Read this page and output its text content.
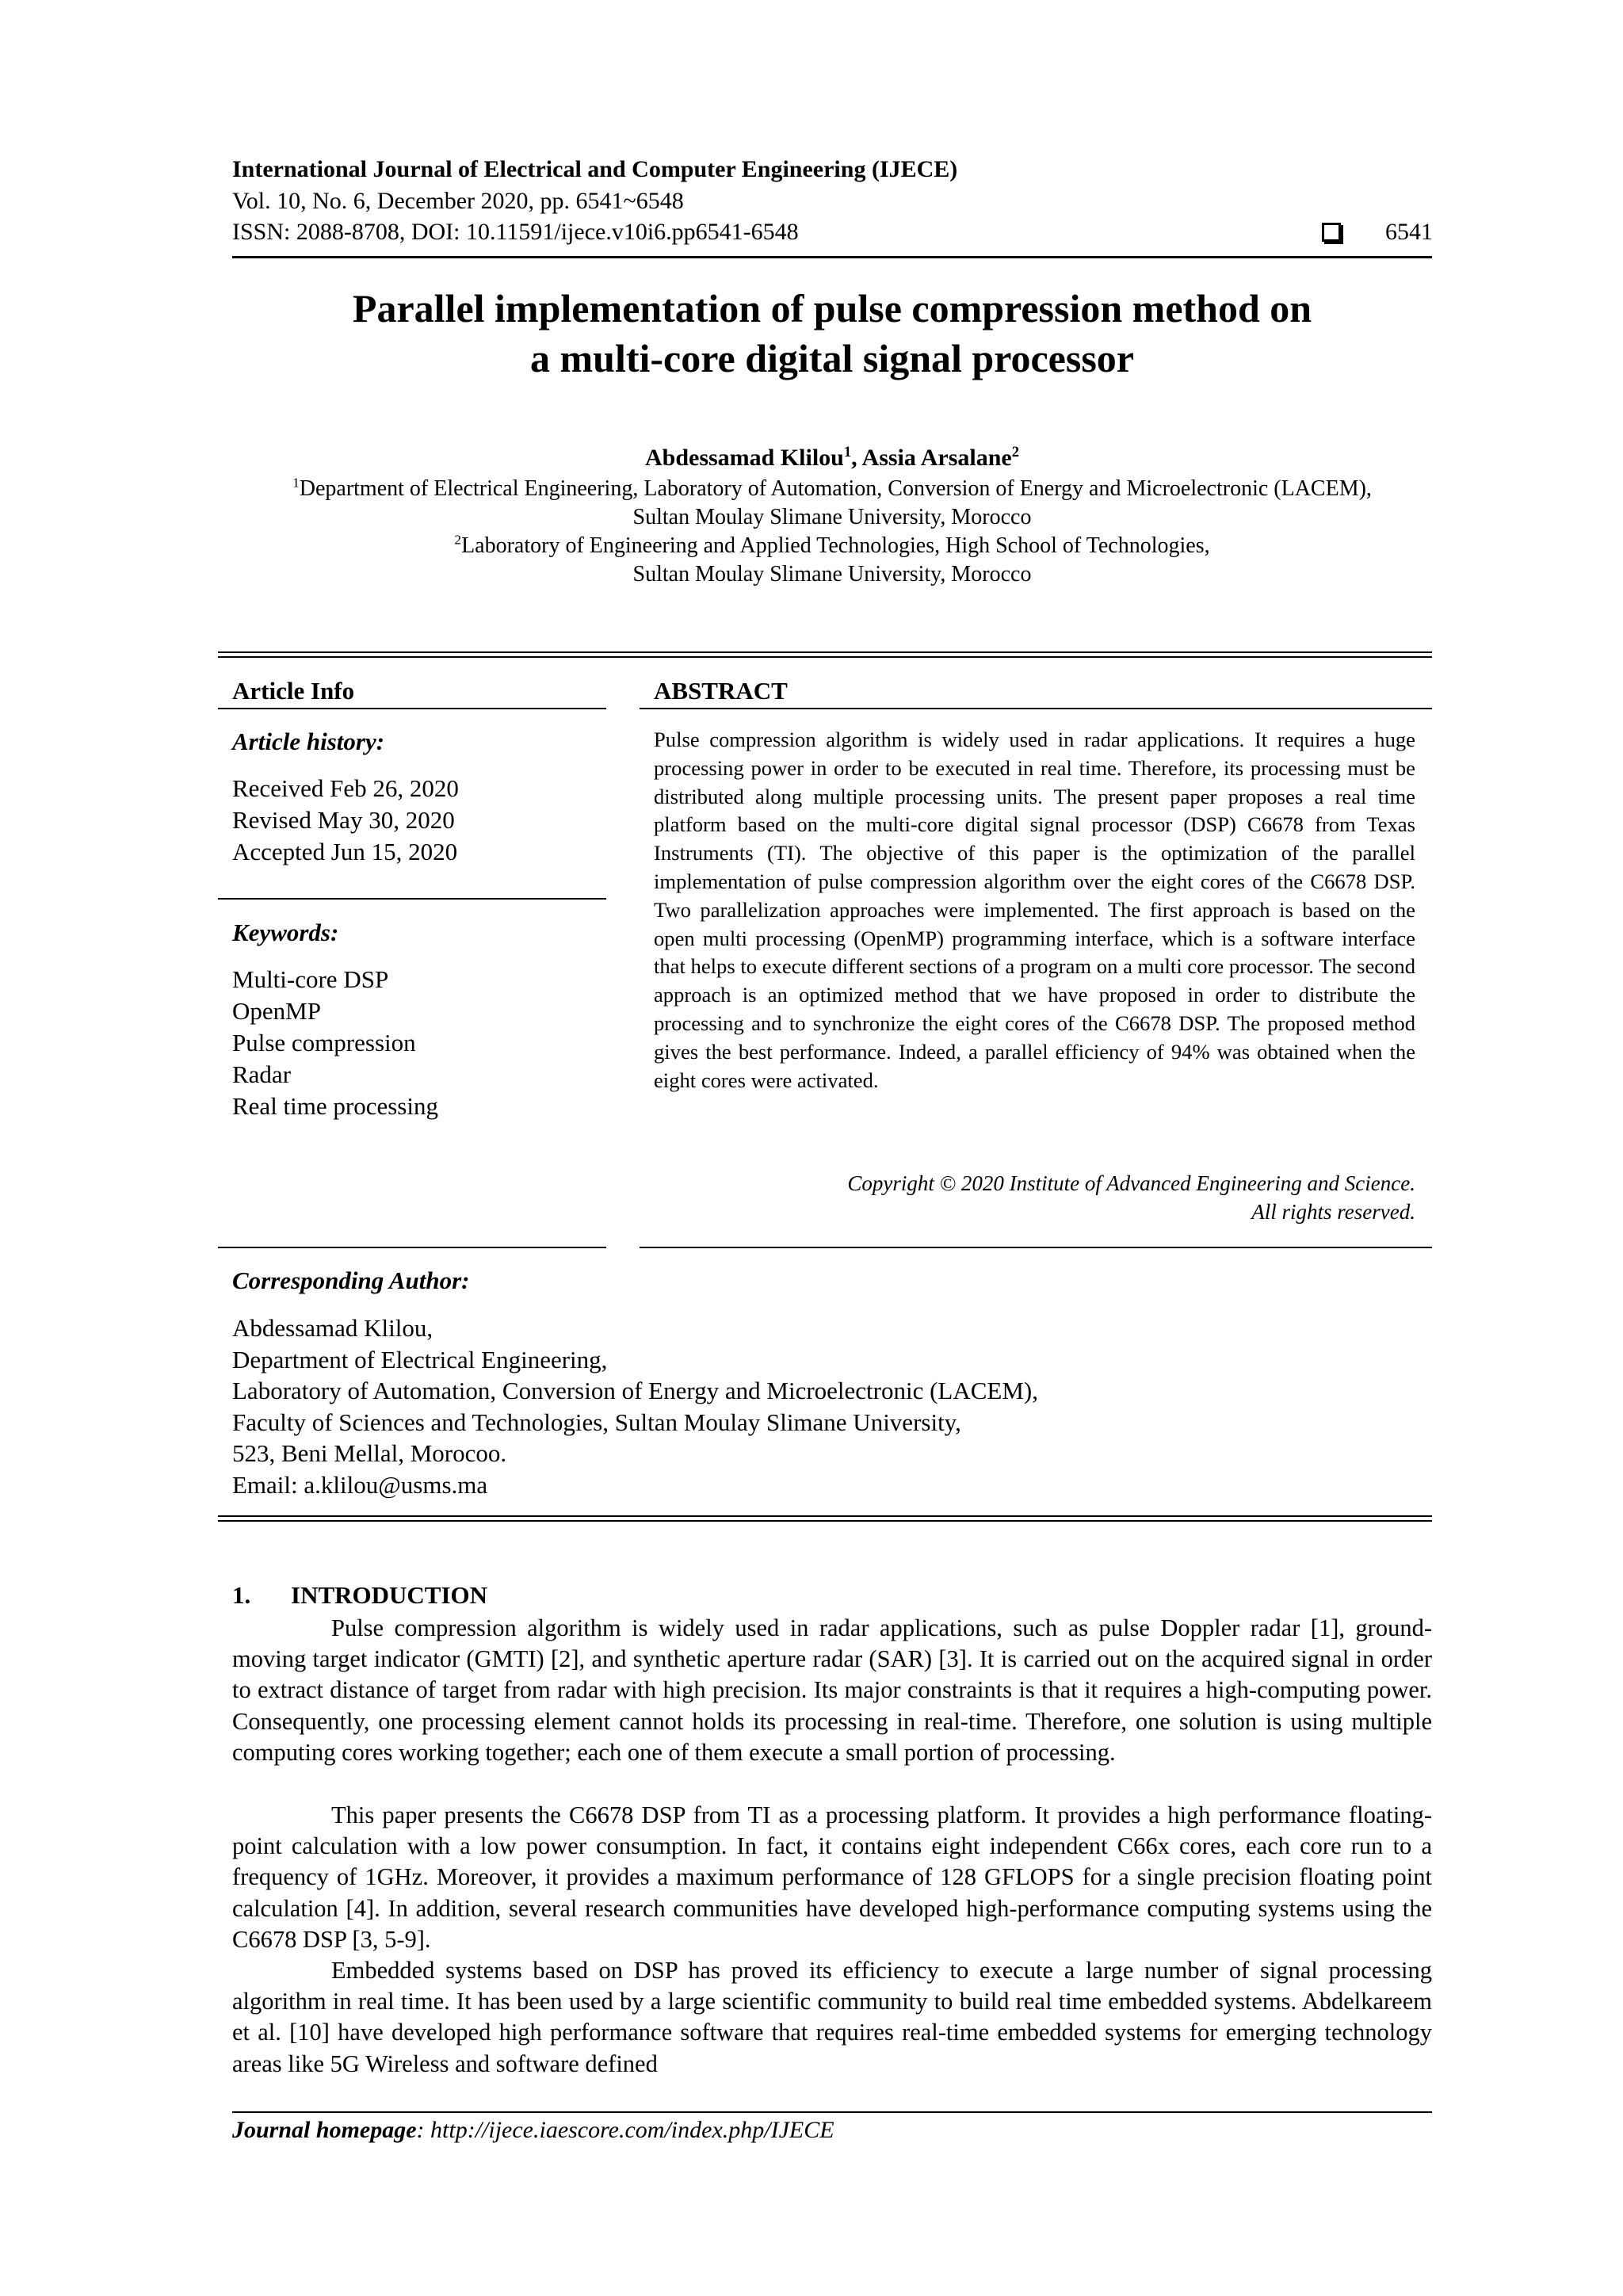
International Journal of Electrical and Computer Engineering (IJECE)
Vol. 10, No. 6, December 2020, pp. 6541~6548
ISSN: 2088-8708, DOI: 10.11591/ijece.v10i6.pp6541-6548	6541
Parallel implementation of pulse compression method on
a multi-core digital signal processor
Abdessamad Klilou$^1$, Assia Arsalane$^2$
$^1$Department of Electrical Engineering, Laboratory of Automation, Conversion of Energy and Microelectronic (LACEM),
Sultan Moulay Slimane University, Morocco
$^2$Laboratory of Engineering and Applied Technologies, High School of Technologies,
Sultan Moulay Slimane University, Morocco
Article Info
Article history:
Received Feb 26, 2020
Revised May 30, 2020
Accepted Jun 15, 2020
Keywords:
Multi-core DSP
OpenMP
Pulse compression
Radar
Real time processing
ABSTRACT
Pulse compression algorithm is widely used in radar applications. It requires a huge processing power in order to be executed in real time. Therefore, its processing must be distributed along multiple processing units. The present paper proposes a real time platform based on the multi-core digital signal processor (DSP) C6678 from Texas Instruments (TI). The objective of this paper is the optimization of the parallel implementation of pulse compression algorithm over the eight cores of the C6678 DSP. Two parallelization approaches were implemented. The first approach is based on the open multi processing (OpenMP) programming interface, which is a software interface that helps to execute different sections of a program on a multi core processor. The second approach is an optimized method that we have proposed in order to distribute the processing and to synchronize the eight cores of the C6678 DSP. The proposed method gives the best performance. Indeed, a parallel efficiency of 94% was obtained when the eight cores were activated.
Copyright © 2020 Institute of Advanced Engineering and Science.
All rights reserved.
Corresponding Author:
Abdessamad Klilou,
Department of Electrical Engineering,
Laboratory of Automation, Conversion of Energy and Microelectronic (LACEM),
Faculty of Sciences and Technologies, Sultan Moulay Slimane University,
523, Beni Mellal, Morocoo.
Email: a.klilou@usms.ma
1. INTRODUCTION

Pulse compression algorithm is widely used in radar applications, such as pulse Doppler radar [1], ground-moving target indicator (GMTI) [2], and synthetic aperture radar (SAR) [3]. It is carried out on the acquired signal in order to extract distance of target from radar with high precision. Its major constraints is that it requires a high-computing power. Consequently, one processing element cannot holds its processing in real-time. Therefore, one solution is using multiple computing cores working together; each one of them execute a small portion of processing.

This paper presents the C6678 DSP from TI as a processing platform. It provides a high performance floating-point calculation with a low power consumption. In fact, it contains eight independent C66x cores, each core run to a frequency of 1GHz. Moreover, it provides a maximum performance of 128 GFLOPS for a single precision floating point calculation [4]. In addition, several research communities have developed high-performance computing systems using the C6678 DSP [3, 5-9].

Embedded systems based on DSP has proved its efficiency to execute a large number of signal processing algorithm in real time. It has been used by a large scientific community to build real time embedded systems. Abdelkareem et al. [10] have developed high performance software that requires real-time embedded systems for emerging technology areas like 5G Wireless and software defined

Journal homepage: http://ijece.iaescore.com/index.php/IJECE
